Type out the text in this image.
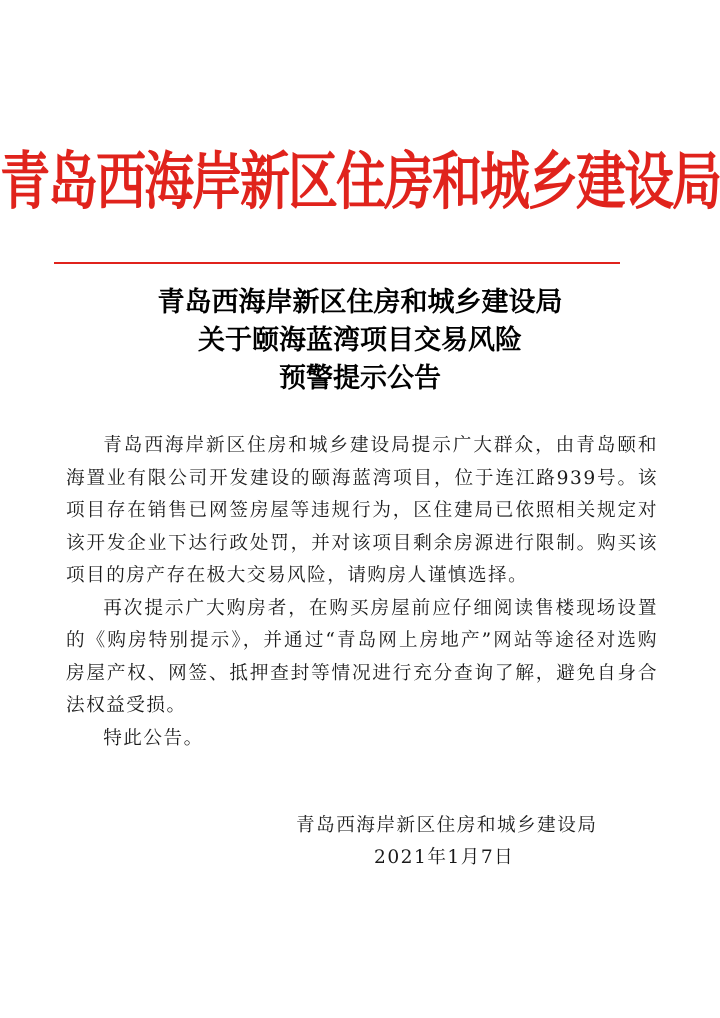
青岛西海岸新区住房和城乡建设局
青岛西海岸新区住房和城乡建设局
关于颐海蓝湾项目交易风险
预警提示公告

青岛西海岸新区住房和城乡建设局提示广大群众，由青岛颐和海置业有限公司开发建设的颐海蓝湾项目，位于连江路939号。该项目存在销售已网签房屋等违规行为，区住建局已依照相关规定对该开发企业下达行政处罚，并对该项目剩余房源进行限制。购买该项目的房产存在极大交易风险，请购房人谨慎选择。

再次提示广大购房者，在购买房屋前应仔细阅读售楼现场设置的《购房特别提示》，并通过“青岛网上房地产”网站等途径对选购房屋产权、网签、抵押查封等情况进行充分查询了解，避免自身合法权益受损。

特此公告。

青岛西海岸新区住房和城乡建设局
2021年1月7日
